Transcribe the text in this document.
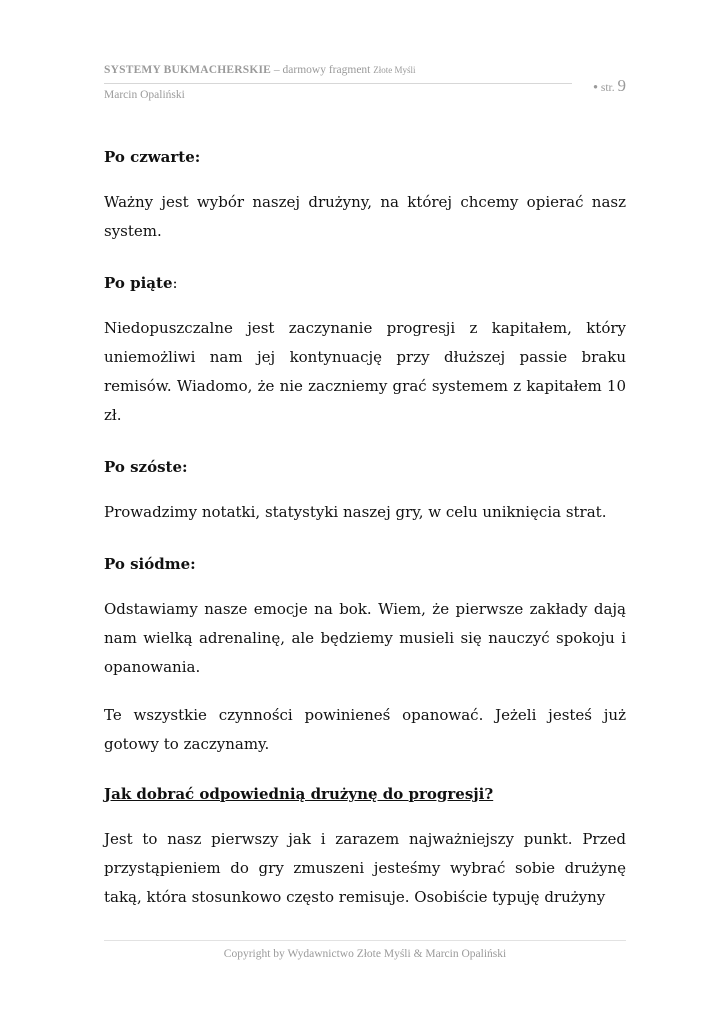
SYSTEMY BUKMACHERSKIE – darmowy fragment Złote Myśli
Marcin Opaliński
● str. 9

Po czwarte:

Ważny jest wybór naszej drużyny, na której chcemy opierać nasz system.

Po piąte:

Niedopuszczalne jest zaczynanie progresji z kapitałem, który uniemożliwi nam jej kontynuację przy dłuższej passie braku remisów. Wiadomo, że nie zaczniemy grać systemem z kapitałem 10 zł.

Po szóste:

Prowadzimy notatki, statystyki naszej gry, w celu uniknięcia strat.

Po siódme:

Odstawiamy nasze emocje na bok. Wiem, że pierwsze zakłady dają nam wielką adrenalinę, ale będziemy musieli się nauczyć spokoju i opanowania.

Te wszystkie czynności powinieneś opanować. Jeżeli jesteś już gotowy to zaczynamy.

Jak dobrać odpowiednią drużynę do progresji?

Jest to nasz pierwszy jak i zarazem najważniejszy punkt. Przed przystąpieniem do gry zmuszeni jesteśmy wybrać sobie drużynę taką, która stosunkowo często remisuje. Osobiście typuję drużyny

Copyright by Wydawnictwo Złote Myśli & Marcin Opaliński
